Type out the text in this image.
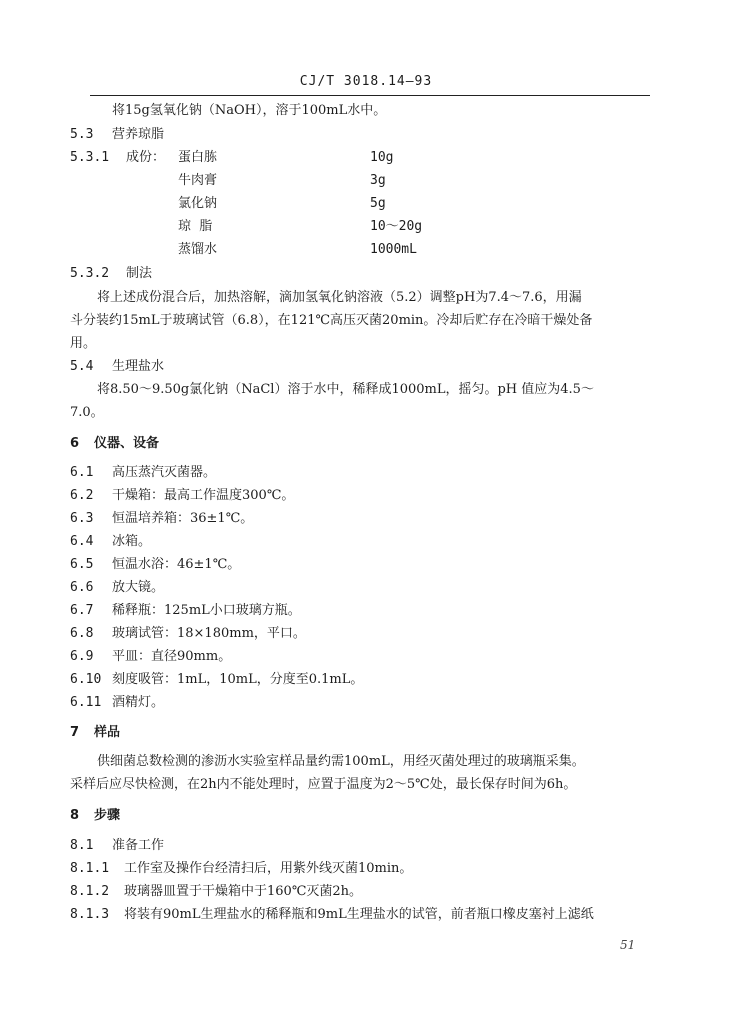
CJ/T 3018.14—93
将15g氢氧化钠（NaOH），溶于100mL水中。
5.3 营养琼脂
5.3.1 成份： 蛋白胨	10g
牛肉膏	3g
氯化钠	5g
琼  脂	10～20g
蒸馏水	1000mL
5.3.2 制法
将上述成份混合后，加热溶解，滴加氢氧化钠溶液（5.2）调整pH为7.4～7.6，用漏
斗分装约15mL于玻璃试管（6.8），在121℃高压灭菌20min。冷却后贮存在冷暗干燥处备
用。
5.4 生理盐水
将8.50～9.50g氯化钠（NaCl）溶于水中，稀释成1000mL，摇匀。pH 值应为4.5～
7.0。
6 仪器、设备
6.1 高压蒸汽灭菌器。
6.2 干燥箱：最高工作温度300℃。
6.3 恒温培养箱：36±1℃。
6.4 冰箱。
6.5 恒温水浴：46±1℃。
6.6 放大镜。
6.7 稀释瓶：125mL小口玻璃方瓶。
6.8 玻璃试管：18×180mm，平口。
6.9 平皿：直径90mm。
6.10 刻度吸管：1mL，10mL，分度至0.1mL。
6.11 酒精灯。
7 样品
供细菌总数检测的渗沥水实验室样品量约需100mL，用经灭菌处理过的玻璃瓶采集。
采样后应尽快检测，在2h内不能处理时，应置于温度为2～5℃处，最长保存时间为6h。
8 步骤
8.1 准备工作
8.1.1 工作室及操作台经清扫后，用紫外线灭菌10min。
8.1.2 玻璃器皿置于干燥箱中于160℃灭菌2h。
8.1.3 将装有90mL生理盐水的稀释瓶和9mL生理盐水的试管，前者瓶口橡皮塞衬上滤纸
51
